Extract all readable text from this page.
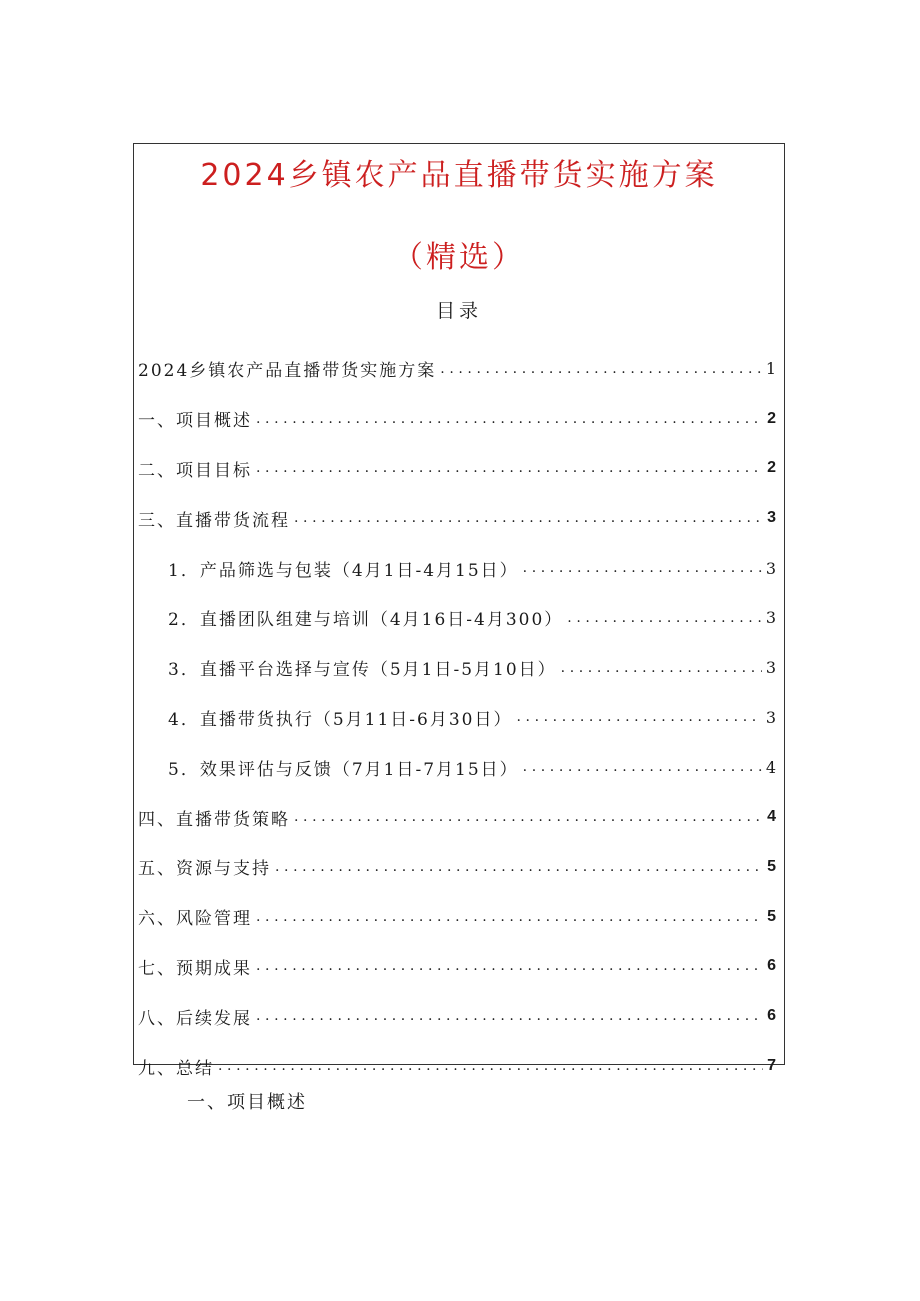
2024乡镇农产品直播带货实施方案
（精选）
目录
2024乡镇农产品直播带货实施方案 .....	1
一、项目概述 .....	2
二、项目目标 .....	2
三、直播带货流程 .....	3
1．产品筛选与包装（4月1日-4月15日） .....	3
2．直播团队组建与培训（4月16日-4月300） .....	3
3．直播平台选择与宣传（5月1日-5月10日） .....	3
4．直播带货执行（5月11日-6月30日） .....	3
5．效果评估与反馈（7月1日-7月15日） .....	4
四、直播带货策略 .....	4
五、资源与支持 .....	5
六、风险管理 .....	5
七、预期成果 .....	6
八、后续发展 .....	6
九、总结 .....	7
一、项目概述
